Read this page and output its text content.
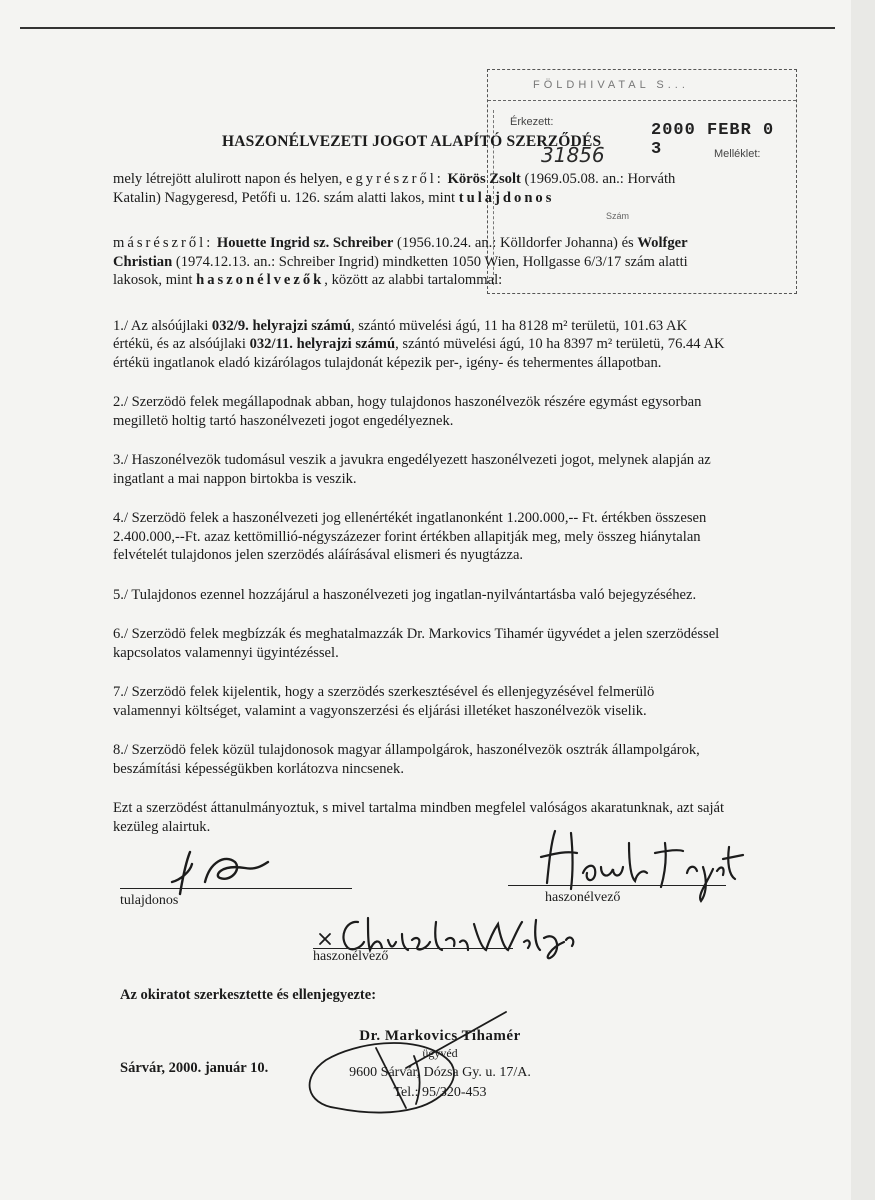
FÖLDHIVATAL S...
Érkezett:	2000 FEBR 0 3	Melléklet:
31856
Szám
HASZONÉLVEZETI JOGOT ALAPÍTÓ SZERZŐDÉS

mely létrejött alulirott napon és helyen, egyrészről: Körös Zsolt (1969.05.08. an.: Horváth Katalin) Nagygeresd, Petőfi u. 126. szám alatti lakos, mint tulajdonos

másrészről: Houette Ingrid sz. Schreiber (1956.10.24. an.: Kölldorfer Johanna) és Wolfger Christian (1974.12.13. an.: Schreiber Ingrid) mindketten 1050 Wien, Hollgasse 6/3/17 szám alatti lakosok, mint haszonélvezők, között az alabbi tartalommal:

1./ Az alsóújlaki 032/9. helyrajzi számú, szántó müvelési ágú, 11 ha 8128 m² területü, 101.63 AK értékü, és az alsóújlaki 032/11. helyrajzi számú, szántó müvelési ágú, 10 ha 8397 m² területü, 76.44 AK értékü ingatlanok eladó kizárólagos tulajdonát képezik per-, igény- és tehermentes állapotban.

2./ Szerzödö felek megállapodnak abban, hogy tulajdonos haszonélvezök részére egymást egysorban megilletö holtig tartó haszonélvezeti jogot engedélyeznek.

3./ Haszonélvezök tudomásul veszik a javukra engedélyezett haszonélvezeti jogot, melynek alapján az ingatlant a mai nappon birtokba is veszik.

4./ Szerzödö felek a haszonélvezeti jog ellenértékét ingatlanonként 1.200.000,-- Ft. értékben összesen 2.400.000,--Ft. azaz kettömillió-négyszázezer forint értékben allapitják meg, mely összeg hiánytalan felvételét tulajdonos jelen szerzödés aláírásával elismeri és nyugtázza.

5./ Tulajdonos ezennel hozzájárul a haszonélvezeti jog ingatlan-nyilvántartásba való bejegyzéséhez.

6./ Szerzödö felek megbízzák és meghatalmazzák Dr. Markovics Tihamér ügyvédet a jelen szerzödéssel kapcsolatos valamennyi ügyintézéssel.

7./ Szerzödö felek kijelentik, hogy a szerzödés szerkesztésével és ellenjegyzésével felmerülö valamennyi költséget, valamint a vagyonszerzési és eljárási illetéket haszonélvezök viselik.

8./ Szerzödö felek közül tulajdonosok magyar állampolgárok, haszonélvezök osztrák állampolgárok, beszámítási képességükben korlátozva nincsenek.

Ezt a szerzödést áttanulmányoztuk, s mivel tartalma mindben megfelel valóságos akaratunknak, azt saját kezüleg alairtuk.

tulajdonos	haszonélvező
haszonélvező
Az okiratot szerkesztette és ellenjegyezte:
Sárvár, 2000. január 10.
Dr. Markovics Tihamér
ügyvéd
9600 Sárvár, Dózsa Gy. u. 17/A.
Tel.: 95/320-453
